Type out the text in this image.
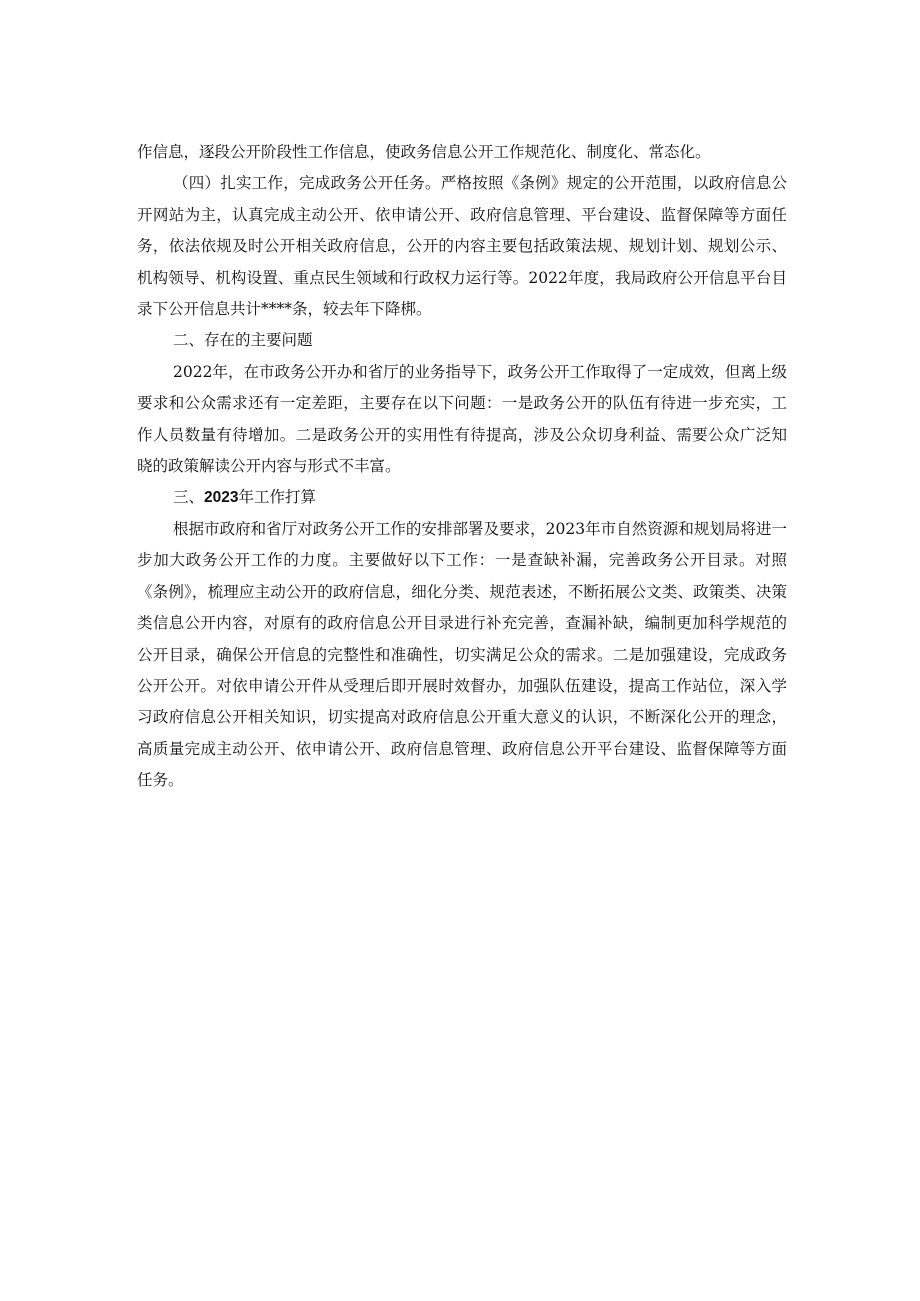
作信息，逐段公开阶段性工作信息，使政务信息公开工作规范化、制度化、常态化。

（四）扎实工作，完成政务公开任务。严格按照《条例》规定的公开范围，以政府信息公开网站为主，认真完成主动公开、依申请公开、政府信息管理、平台建设、监督保障等方面任务，依法依规及时公开相关政府信息，公开的内容主要包括政策法规、规划计划、规划公示、机构领导、机构设置、重点民生领域和行政权力运行等。2022年度，我局政府公开信息平台目录下公开信息共计****条，较去年下降梆。

二、存在的主要问题

2022年，在市政务公开办和省厅的业务指导下，政务公开工作取得了一定成效，但离上级要求和公众需求还有一定差距，主要存在以下问题：一是政务公开的队伍有待进一步充实，工作人员数量有待增加。二是政务公开的实用性有待提高，涉及公众切身利益、需要公众广泛知晓的政策解读公开内容与形式不丰富。

三、2023年工作打算

根据市政府和省厅对政务公开工作的安排部署及要求，2023年市自然资源和规划局将进一步加大政务公开工作的力度。主要做好以下工作：一是查缺补漏，完善政务公开目录。对照《条例》，梳理应主动公开的政府信息，细化分类、规范表述，不断拓展公文类、政策类、决策类信息公开内容，对原有的政府信息公开目录进行补充完善，查漏补缺，编制更加科学规范的公开目录，确保公开信息的完整性和准确性，切实满足公众的需求。二是加强建设，完成政务公开公开。对依申请公开件从受理后即开展时效督办，加强队伍建设，提高工作站位，深入学习政府信息公开相关知识，切实提高对政府信息公开重大意义的认识，不断深化公开的理念，高质量完成主动公开、依申请公开、政府信息管理、政府信息公开平台建设、监督保障等方面任务。
